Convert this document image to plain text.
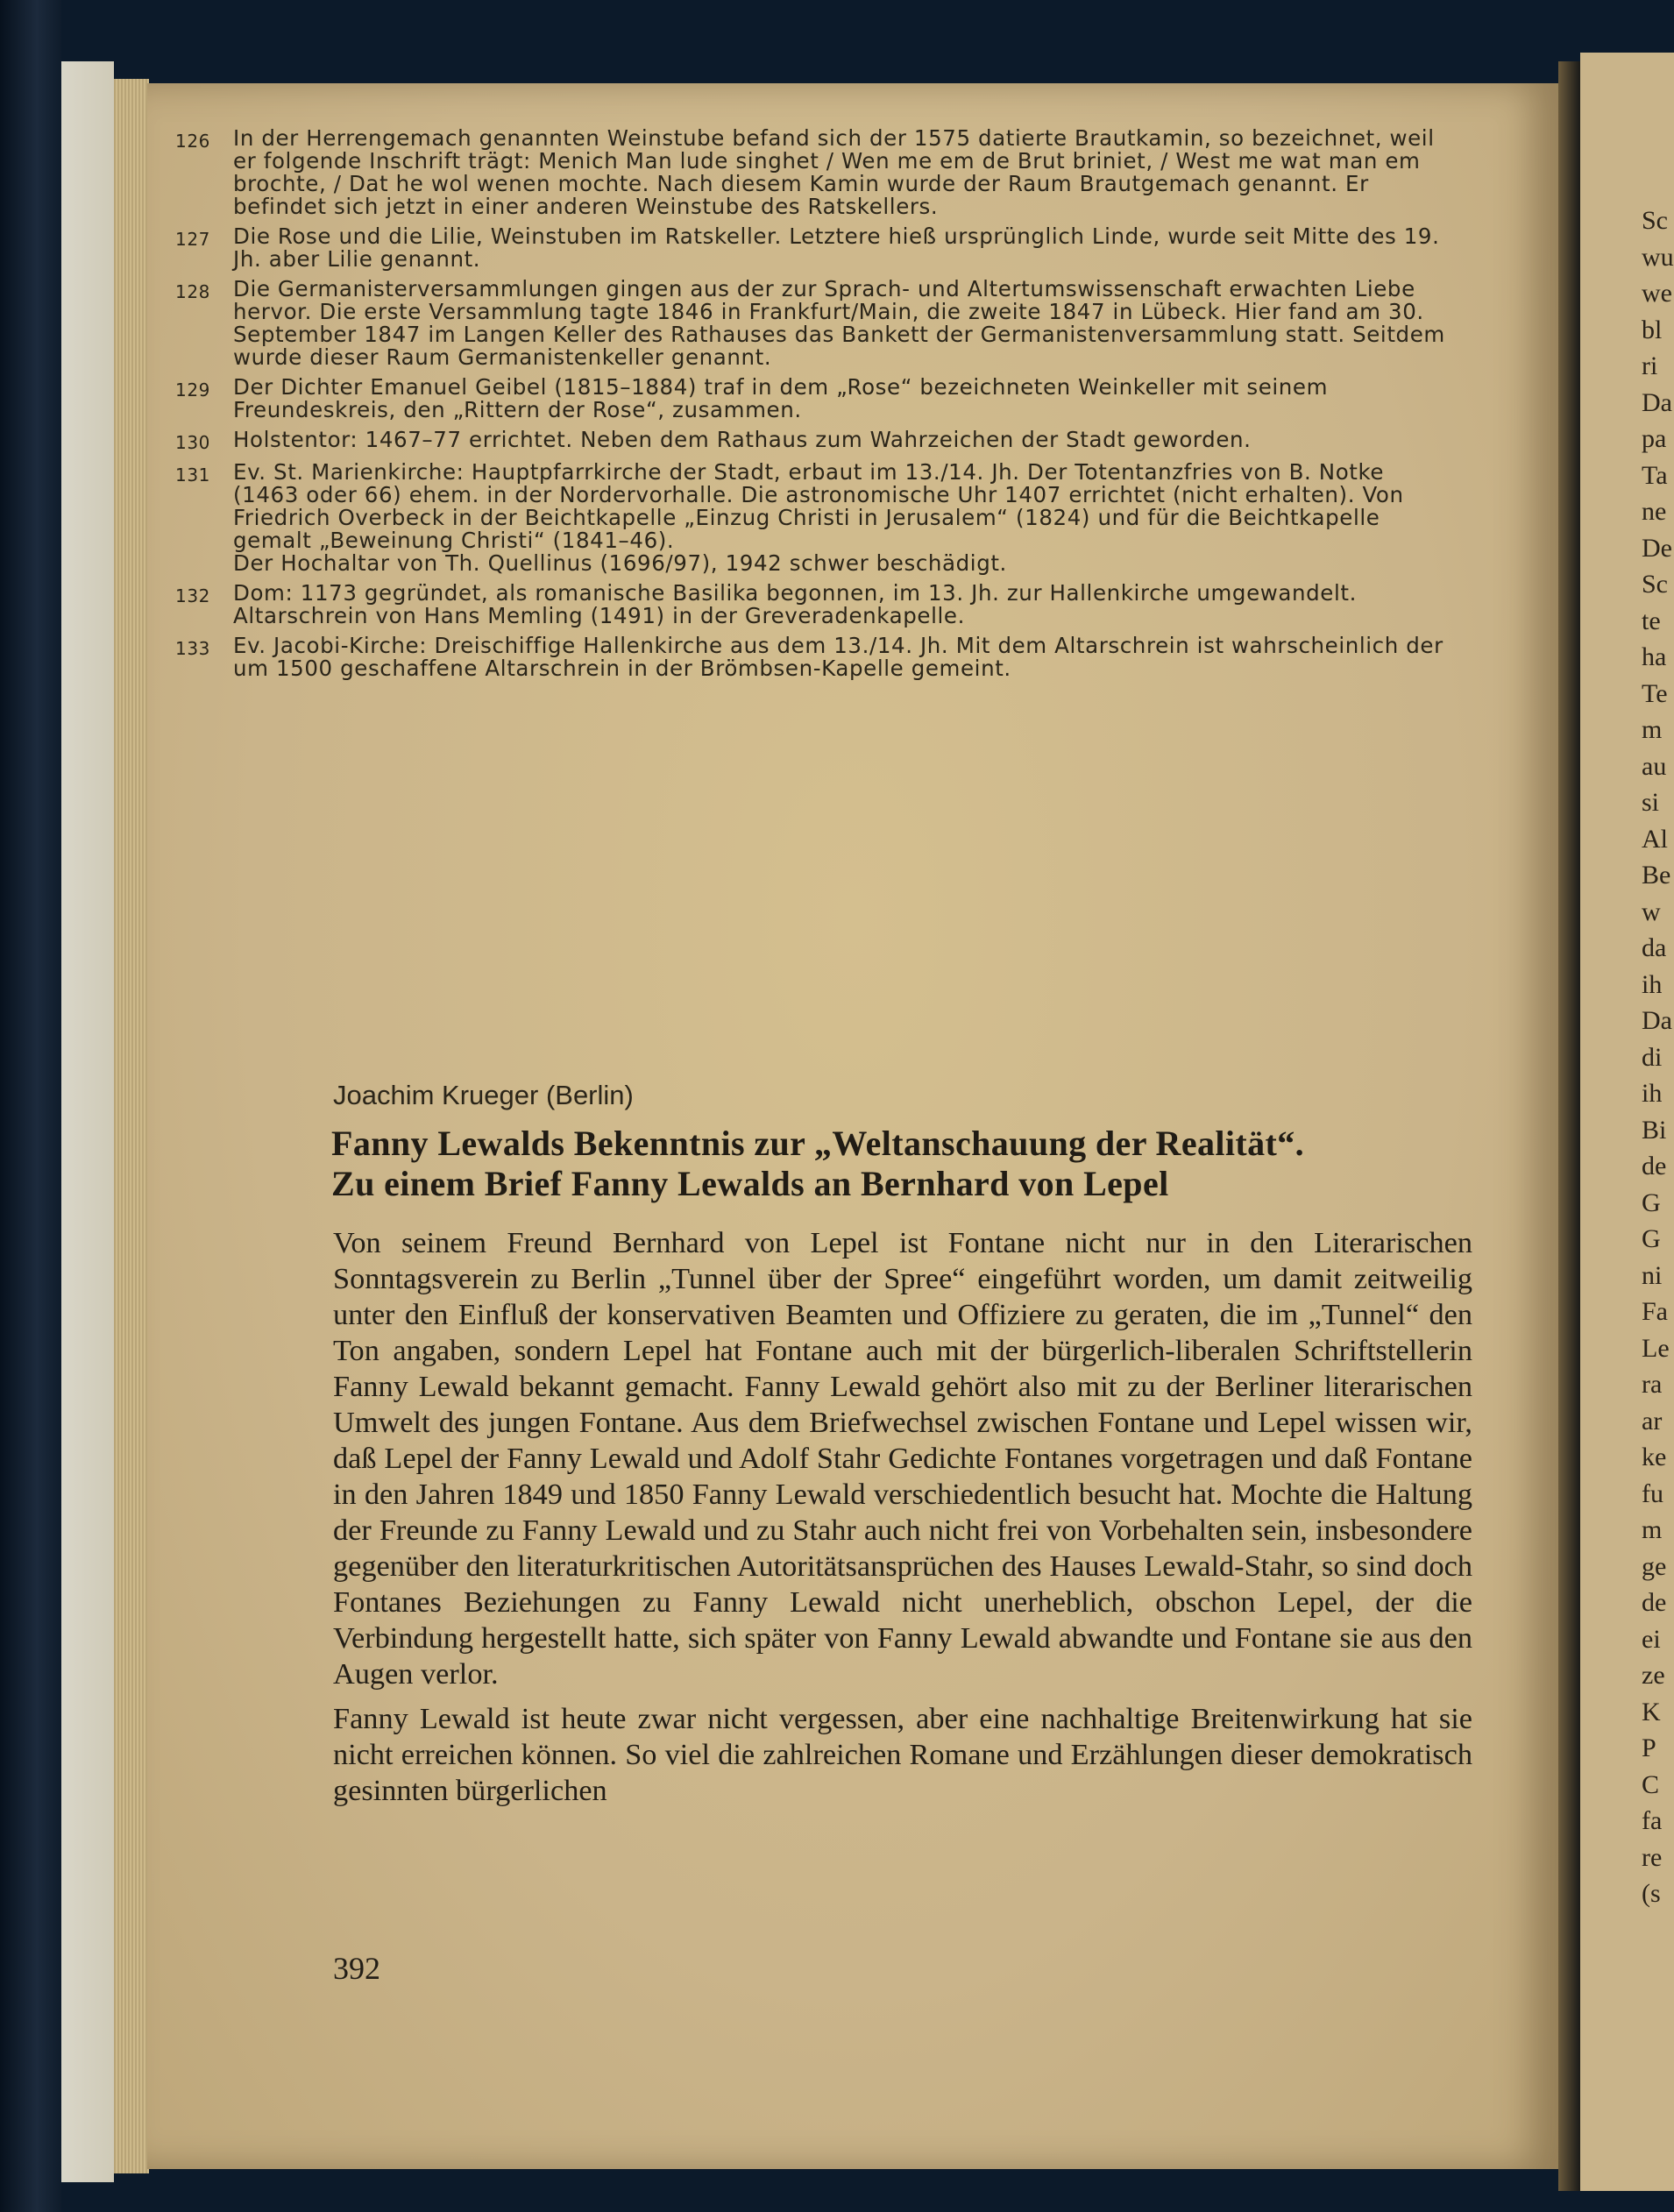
126	In der Herrengemach genannten Weinstube befand sich der 1575 datierte Brautkamin, so bezeichnet, weil er folgende Inschrift trägt: Menich Man lude singhet / Wen me em de Brut briniet, / West me wat man em brochte, / Dat he wol wenen mochte. Nach diesem Kamin wurde der Raum Brautgemach genannt. Er befindet sich jetzt in einer anderen Weinstube des Ratskellers.
127	Die Rose und die Lilie, Weinstuben im Ratskeller. Letztere hieß ursprünglich Linde, wurde seit Mitte des 19. Jh. aber Lilie genannt.
128	Die Germanisterversammlungen gingen aus der zur Sprach- und Altertumswissenschaft erwachten Liebe hervor. Die erste Versammlung tagte 1846 in Frankfurt/Main, die zweite 1847 in Lübeck. Hier fand am 30. September 1847 im Langen Keller des Rathauses das Bankett der Germanistenversammlung statt. Seitdem wurde dieser Raum Germanistenkeller genannt.
129	Der Dichter Emanuel Geibel (1815–1884) traf in dem „Rose“ bezeichneten Weinkeller mit seinem Freundeskreis, den „Rittern der Rose“, zusammen.
130	Holstentor: 1467–77 errichtet. Neben dem Rathaus zum Wahrzeichen der Stadt geworden.
131	Ev. St. Marienkirche: Hauptpfarrkirche der Stadt, erbaut im 13./14. Jh. Der Totentanzfries von B. Notke (1463 oder 66) ehem. in der Nordervorhalle. Die astronomische Uhr 1407 errichtet (nicht erhalten). Von Friedrich Overbeck in der Beichtkapelle „Einzug Christi in Jerusalem“ (1824) und für die Beichtkapelle gemalt „Beweinung Christi“ (1841–46).
Der Hochaltar von Th. Quellinus (1696/97), 1942 schwer beschädigt.
132	Dom: 1173 gegründet, als romanische Basilika begonnen, im 13. Jh. zur Hallenkirche umgewandelt. Altarschrein von Hans Memling (1491) in der Greveradenkapelle.
133	Ev. Jacobi-Kirche: Dreischiffige Hallenkirche aus dem 13./14. Jh. Mit dem Altarschrein ist wahrscheinlich der um 1500 geschaffene Altarschrein in der Brömbsen-Kapelle gemeint.
Joachim Krueger (Berlin)
Fanny Lewalds Bekenntnis zur „Weltanschauung der Realität“.
Zu einem Brief Fanny Lewalds an Bernhard von Lepel

Von seinem Freund Bernhard von Lepel ist Fontane nicht nur in den Literarischen Sonntagsverein zu Berlin „Tunnel über der Spree“ eingeführt worden, um damit zeitweilig unter den Einfluß der konservativen Beamten und Offiziere zu geraten, die im „Tunnel“ den Ton angaben, sondern Lepel hat Fontane auch mit der bürgerlich-liberalen Schriftstellerin Fanny Lewald bekannt gemacht. Fanny Lewald gehört also mit zu der Berliner literarischen Umwelt des jungen Fontane. Aus dem Briefwechsel zwischen Fontane und Lepel wissen wir, daß Lepel der Fanny Lewald und Adolf Stahr Gedichte Fontanes vorgetragen und daß Fontane in den Jahren 1849 und 1850 Fanny Lewald verschiedentlich besucht hat. Mochte die Haltung der Freunde zu Fanny Lewald und zu Stahr auch nicht frei von Vorbehalten sein, insbesondere gegenüber den literaturkritischen Autoritätsansprüchen des Hauses Lewald-Stahr, so sind doch Fontanes Beziehungen zu Fanny Lewald nicht unerheblich, obschon Lepel, der die Verbindung hergestellt hatte, sich später von Fanny Lewald abwandte und Fontane sie aus den Augen verlor.

Fanny Lewald ist heute zwar nicht vergessen, aber eine nachhaltige Breitenwirkung hat sie nicht erreichen können. So viel die zahlreichen Romane und Erzählungen dieser demokratisch gesinnten bürgerlichen

392
Sc
wu
we
bl
ri
Da
pa
Ta
ne
De
Sc
te
ha
Te
m
au
si
Al
Be
w
da
ih
Da
di
ih
Bi
de
G
G
ni
Fa
Le
ra
ar
ke
fu
m
ge
de
ei
ze
K
P
C
fa
re
(s
